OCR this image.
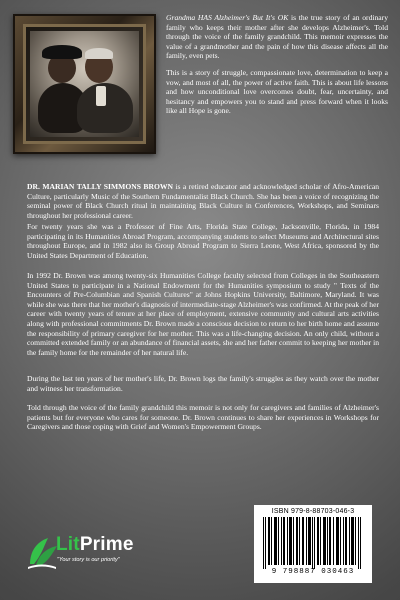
Grandma HAS Alzheimer's But It's OK is the true story of an ordinary family who keeps their mother after she develops Alzheimer's. Told through the voice of the family grandchild. This memoir expresses the value of a grandmother and the pain of how this disease affects all the family, even pets.

This is a story of struggle, compassionate love, determination to keep a vow, and most of all, the power of active faith. This is about life lessons and how unconditional love overcomes doubt, fear, uncertainty, and hesitancy and empowers you to stand and press forward when it looks like all Hope is gone.

DR. MARIAN TALLY SIMMONS BROWN is a retired educator and acknowledged scholar of Afro-American Culture, particularly Music of the Southern Fundamentalist Black Church. She has been a voice of recognizing the seminal power of Black Church ritual in maintaining Black Culture in Conferences, Workshops, and Seminars throughout her professional career.
For twenty years she was a Professor of Fine Arts, Florida State College, Jacksonville, Florida, in 1984 participating in its Humanities Abroad Program, accompanying students to select Museums and Architectural sites throughout Europe, and in 1982 also its Group Abroad Program to Sierra Leone, West Africa, sponsored by the United States Department of Education.
In 1992 Dr. Brown was among twenty-six Humanities College faculty selected from Colleges in the Southeastern United States to participate in a National Endowment for the Humanities symposium to study " Texts of the Encounters of Pre-Columbian and Spanish Cultures" at Johns Hopkins University, Baltimore, Maryland. It was while she was there that her mother's diagnosis of intermediate-stage Alzheimer's was confirmed. At the peak of her career with twenty years of tenure at her place of employment, extensive community and cultural arts activities along with professional commitments Dr. Brown made a conscious decision to return to her birth home and assume the responsibility of primary caregiver for her mother. This was a life-changing decision. An only child, without a committed extended family or an abundance of financial assets, she and her father commit to keeping her mother in the family home for the remainder of her natural life.
During the last ten years of her mother's life, Dr. Brown logs the family's struggles as they watch over the mother and witness her transformation.
Told through the voice of the family grandchild this memoir is not only for caregivers and families of Alzheimer's patients but for everyone who cares for someone. Dr. Brown continues to share her experiences in Workshops for Caregivers and those coping with Grief and Women's Empowerment Groups.
ISBN 979-8-88703-046-3
9 798887 030463
LitPrime
"Your story is our priority"
